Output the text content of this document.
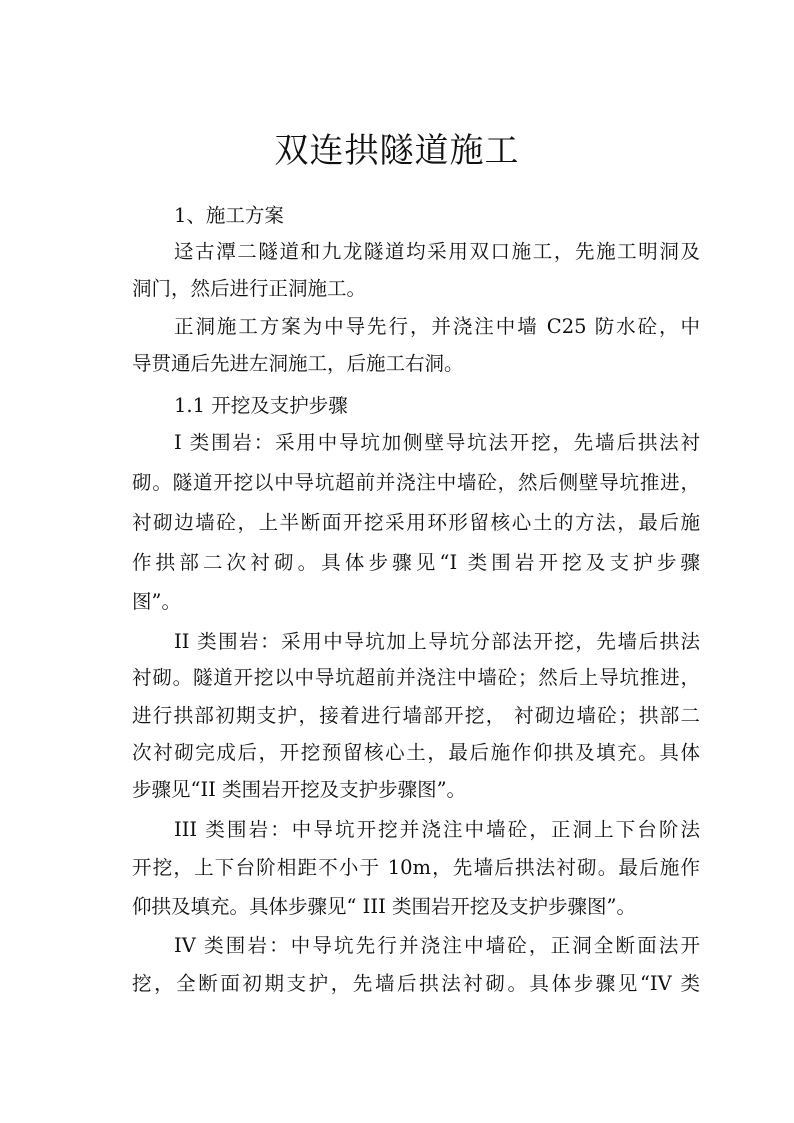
双连拱隧道施工

1、施工方案

迳古潭二隧道和九龙隧道均采用双口施工，先施工明洞及

洞门，然后进行正洞施工。

正洞施工方案为中导先行，并浇注中墙 C25 防水砼，中

导贯通后先进左洞施工，后施工右洞。

1.1 开挖及支护步骤

I 类围岩：采用中导坑加侧壁导坑法开挖，先墙后拱法衬

砌。隧道开挖以中导坑超前并浇注中墙砼，然后侧壁导坑推进，

衬砌边墙砼，上半断面开挖采用环形留核心土的方法，最后施

作拱部二次衬砌。具体步骤见“I 类围岩开挖及支护步骤

图”。

II 类围岩：采用中导坑加上导坑分部法开挖，先墙后拱法

衬砌。隧道开挖以中导坑超前并浇注中墙砼；然后上导坑推进，

进行拱部初期支护，接着进行墙部开挖， 衬砌边墙砼；拱部二

次衬砌完成后，开挖预留核心土，最后施作仰拱及填充。具体

步骤见“II 类围岩开挖及支护步骤图”。

III 类围岩：中导坑开挖并浇注中墙砼，正洞上下台阶法

开挖，上下台阶相距不小于 10m，先墙后拱法衬砌。最后施作

仰拱及填充。具体步骤见“ III 类围岩开挖及支护步骤图”。

IV 类围岩：中导坑先行并浇注中墙砼，正洞全断面法开

挖，全断面初期支护，先墙后拱法衬砌。具体步骤见“IV 类
